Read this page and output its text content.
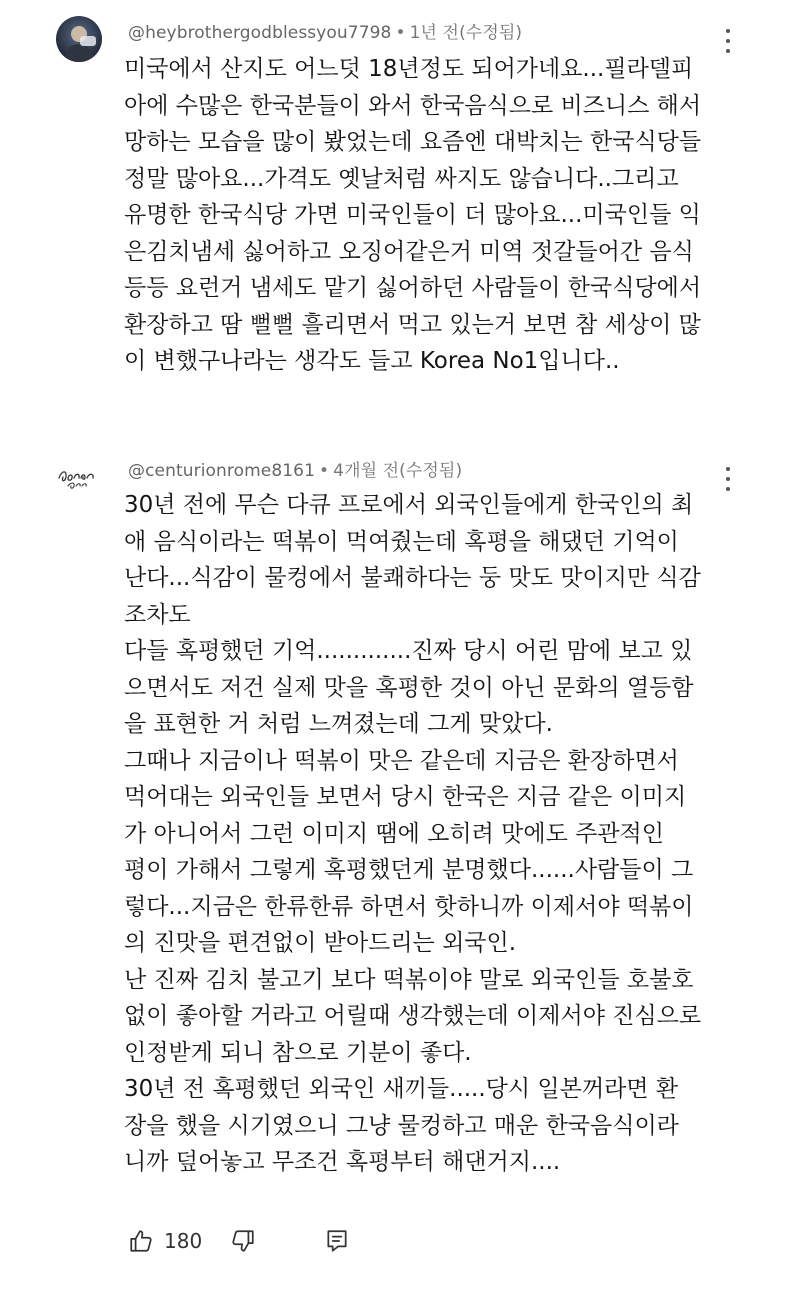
@heybrothergodblessyou7798 • 1년 전(수정됨)
미국에서 산지도 어느덧 18년정도 되어가네요...필라델피
아에 수많은 한국분들이 와서 한국음식으로 비즈니스 해서
망하는 모습을 많이 봤었는데 요즘엔 대박치는 한국식당들
정말 많아요...가격도 옛날처럼 싸지도 않습니다..그리고
유명한 한국식당 가면 미국인들이 더 많아요...미국인들 익
은김치냄세 싫어하고 오징어같은거 미역 젓갈들어간 음식
등등 요런거 냄세도 맡기 싫어하던 사람들이 한국식당에서
환장하고 땀 뻘뻘 흘리면서 먹고 있는거 보면 참 세상이 많
이 변했구나라는 생각도 들고 Korea No1입니다..
@centurionrome8161 • 4개월 전(수정됨)
30년 전에 무슨 다큐 프로에서 외국인들에게 한국인의 최
애 음식이라는 떡볶이 먹여줬는데 혹평을 해댔던 기억이
난다...식감이 물컹에서 불쾌하다는 둥 맛도 맛이지만 식감
조차도
다들 혹평했던 기억.............진짜 당시 어린 맘에 보고 있
으면서도 저건 실제 맛을 혹평한 것이 아닌 문화의 열등함
을 표현한 거 처럼 느껴졌는데 그게 맞았다.
그때나 지금이나 떡볶이 맛은 같은데 지금은 환장하면서
먹어대는 외국인들 보면서 당시 한국은 지금 같은 이미지
가 아니어서 그런 이미지 땜에 오히려 맛에도 주관적인
평이 가해서 그렇게 혹평했던게 분명했다......사람들이 그
렇다...지금은 한류한류 하면서 핫하니까 이제서야 떡볶이
의 진맛을 편견없이 받아드리는 외국인.
난 진짜 김치 불고기 보다 떡볶이야 말로 외국인들 호불호
없이 좋아할 거라고 어릴때 생각했는데 이제서야 진심으로
인정받게 되니 참으로 기분이 좋다.
30년 전 혹평했던 외국인 새끼들.....당시 일본꺼라면 환
장을 했을 시기였으니 그냥 물컹하고 매운 한국음식이라
니까 덮어놓고 무조건 혹평부터 해댄거지....
180
